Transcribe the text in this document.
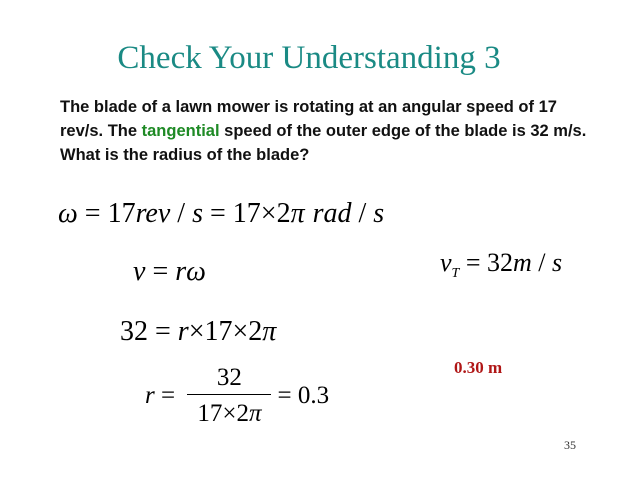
Check Your Understanding 3
The blade of a lawn mower is rotating at an angular speed of 17 rev/s. The tangential speed of the outer edge of the blade is 32 m/s. What is the radius of the blade?
ω = 17rev / s = 17×2π rad / s
v = rω
32 = r×17×2π
$r = \frac{32}{17\times 2\pi} = 0.3$
$v_T = 32m / s$
0.30 m
35
